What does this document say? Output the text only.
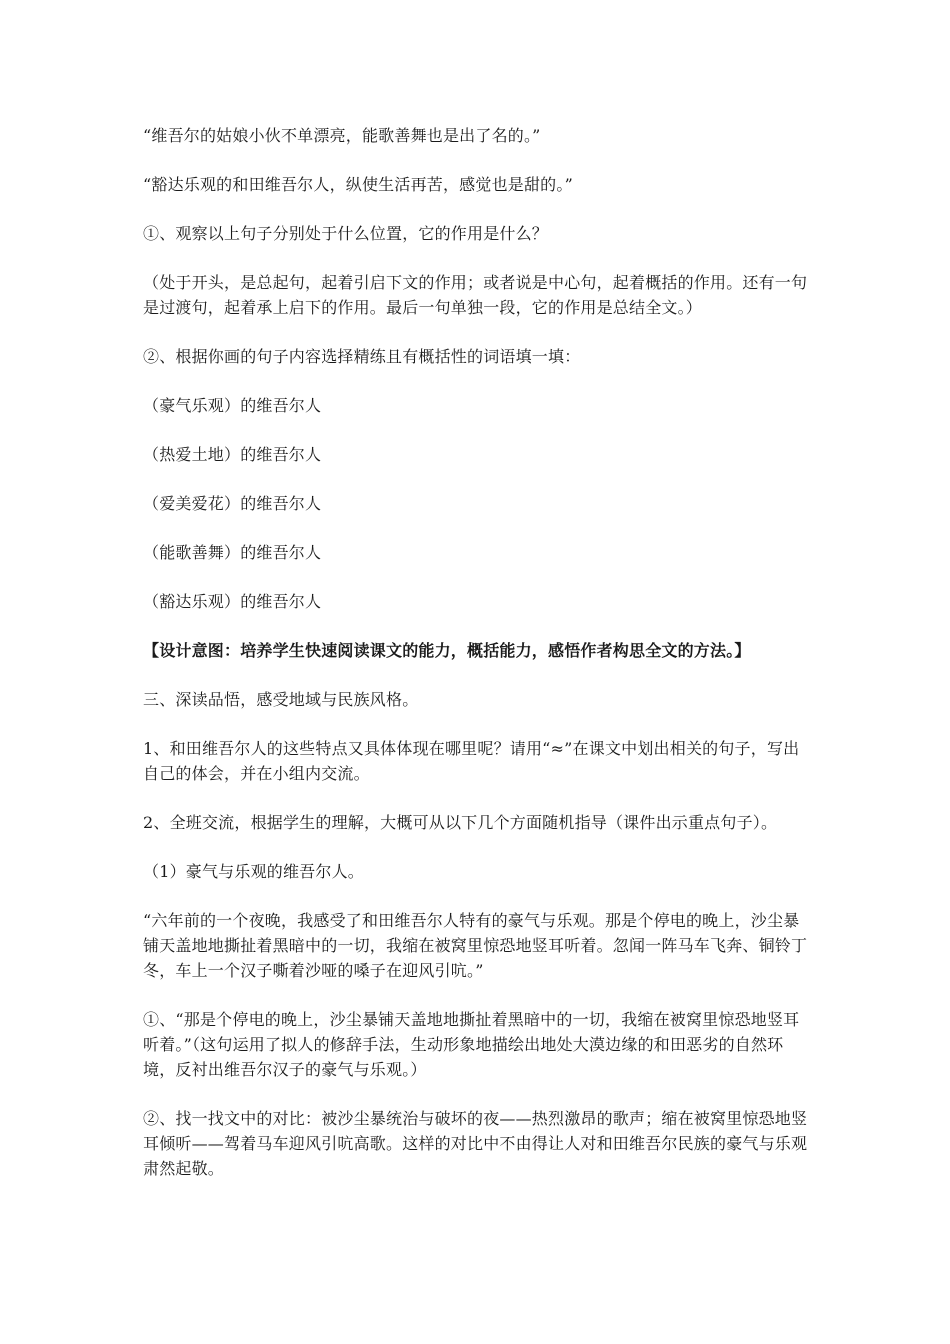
“维吾尔的姑娘小伙不单漂亮，能歌善舞也是出了名的。”

“豁达乐观的和田维吾尔人，纵使生活再苦，感觉也是甜的。”

①、观察以上句子分别处于什么位置，它的作用是什么？

（处于开头，是总起句，起着引启下文的作用；或者说是中心句，起着概括的作用。还有一句是过渡句，起着承上启下的作用。最后一句单独一段，它的作用是总结全文。）

②、根据你画的句子内容选择精练且有概括性的词语填一填：

（豪气乐观）的维吾尔人

（热爱土地）的维吾尔人

（爱美爱花）的维吾尔人

（能歌善舞）的维吾尔人

（豁达乐观）的维吾尔人

【设计意图：培养学生快速阅读课文的能力，概括能力，感悟作者构思全文的方法。】

三、深读品悟，感受地域与民族风格。

1、和田维吾尔人的这些特点又具体体现在哪里呢？请用“≈”在课文中划出相关的句子，写出自己的体会，并在小组内交流。

2、全班交流，根据学生的理解，大概可从以下几个方面随机指导（课件出示重点句子）。

（1）豪气与乐观的维吾尔人。

“六年前的一个夜晚，我感受了和田维吾尔人特有的豪气与乐观。那是个停电的晚上，沙尘暴铺天盖地地撕扯着黑暗中的一切，我缩在被窝里惊恐地竖耳听着。忽闻一阵马车飞奔、铜铃丁冬，车上一个汉子嘶着沙哑的嗓子在迎风引吭。”

①、“那是个停电的晚上，沙尘暴铺天盖地地撕扯着黑暗中的一切，我缩在被窝里惊恐地竖耳听着。”（这句运用了拟人的修辞手法，生动形象地描绘出地处大漠边缘的和田恶劣的自然环境，反衬出维吾尔汉子的豪气与乐观。）

②、找一找文中的对比：被沙尘暴统治与破坏的夜——热烈激昂的歌声；缩在被窝里惊恐地竖耳倾听——驾着马车迎风引吭高歌。这样的对比中不由得让人对和田维吾尔民族的豪气与乐观肃然起敬。
